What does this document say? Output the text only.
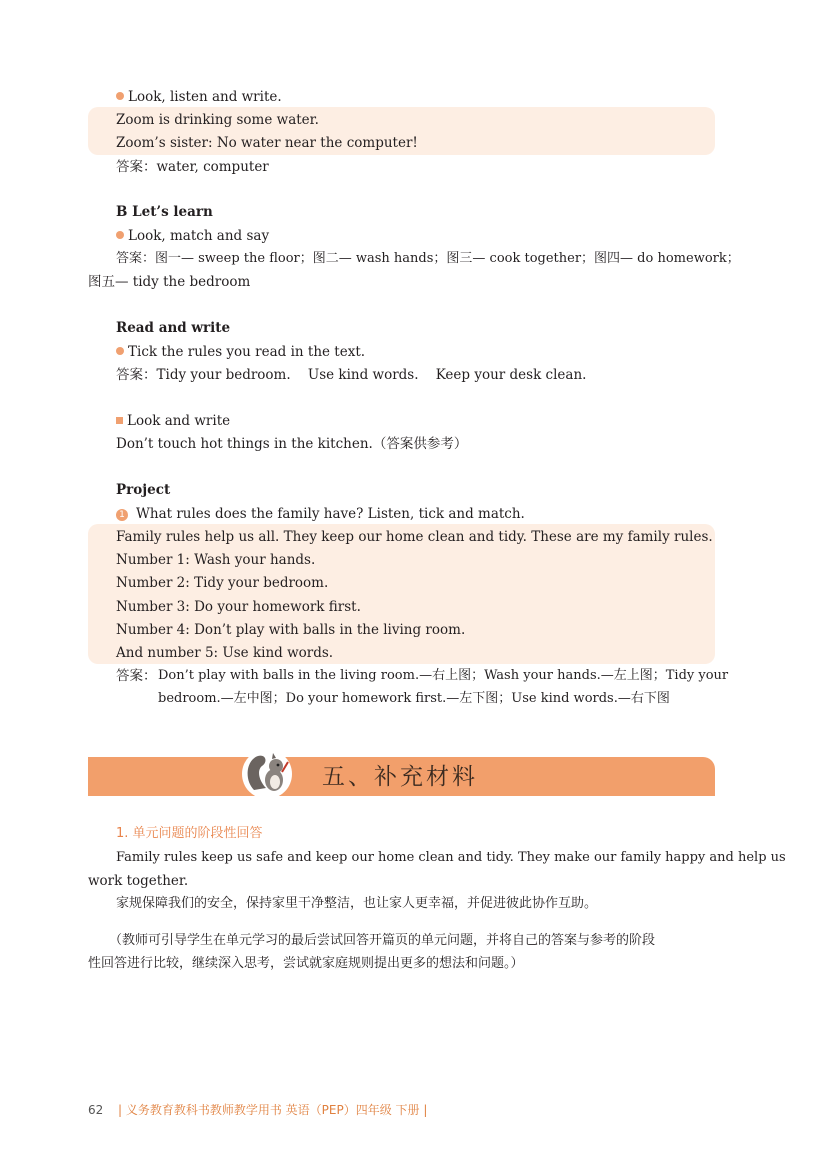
Look, listen and write.
Zoom is drinking some water.
Zoom’s sister: No water near the computer!
答案：water, computer
B Let’s learn
Look, match and say
答案：图一— sweep the floor；图二— wash hands；图三— cook together；图四— do homework；
图五— tidy the bedroom
Read and write
Tick the rules you read in the text.
答案：Tidy your bedroom.    Use kind words.    Keep your desk clean.
Look and write
Don’t touch hot things in the kitchen.（答案供参考）
Project
1 What rules does the family have? Listen, tick and match.
Family rules help us all. They keep our home clean and tidy. These are my family rules.
Number 1: Wash your hands.
Number 2: Tidy your bedroom.
Number 3: Do your homework first.
Number 4: Don’t play with balls in the living room.
And number 5: Use kind words.
答案： Don’t play with balls in the living room.—右上图；Wash your hands.—左上图；Tidy your
bedroom.—左中图；Do your homework first.—左下图；Use kind words.—右下图
五、补充材料
1. 单元问题的阶段性回答
Family rules keep us safe and keep our home clean and tidy. They make our family happy and help us
work together.
家规保障我们的安全，保持家里干净整洁，也让家人更幸福，并促进彼此协作互助。
（教师可引导学生在单元学习的最后尝试回答开篇页的单元问题，并将自己的答案与参考的阶段
性回答进行比较，继续深入思考，尝试就家庭规则提出更多的想法和问题。）
62 | 义务教育教科书教师教学用书 英语（PEP）四年级 下册 |
